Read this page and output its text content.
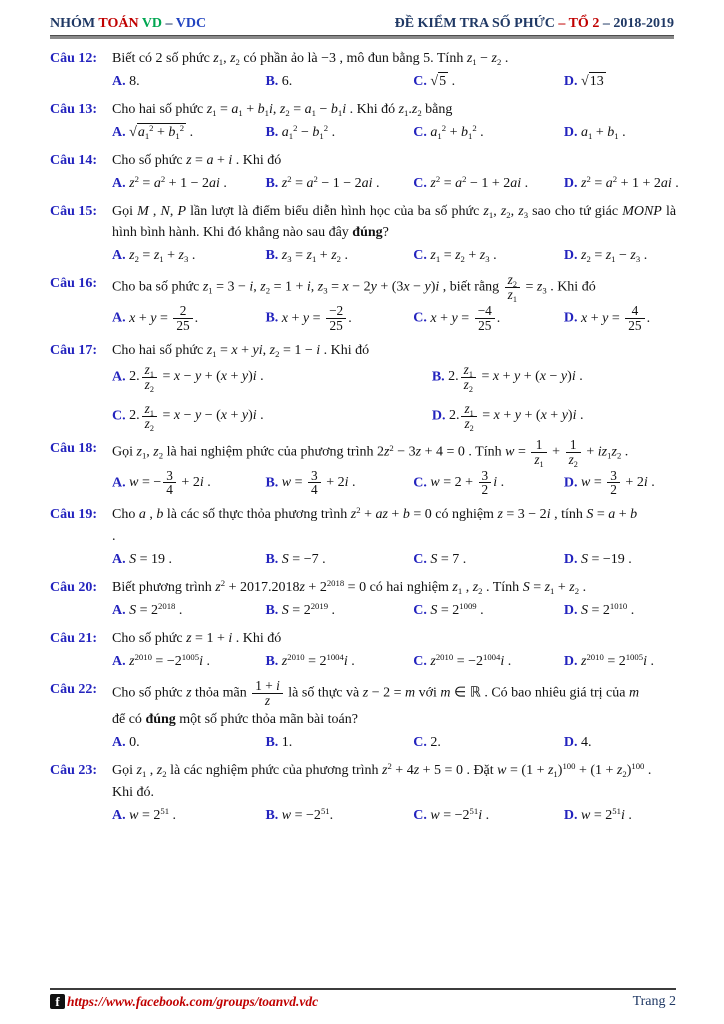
NHÓM TOÁN VD – VDC	ĐỀ KIỂM TRA SỐ PHỨC – TỔ 2 – 2018-2019
Câu 12:	Biết có 2 số phức $z_1$, $z_2$ có phần ảo là −3 , mô đun bằng 5. Tính $z_1 - z_2$ .
A. 8.	B. 6.	C. √5 .	D. √13
Câu 13:	Cho hai số phức $z_1 = a_1 + b_1i$, $z_2 = a_1 - b_1i$ . Khi đó $z_1.z_2$ bằng
A. $√a_1^2 + b_1^2$ .	B. $a_1^2 - b_1^2$ .	C. $a_1^2 + b_1^2$ .	D. $a_1 + b_1$ .
Câu 14:	Cho số phức z = a + i . Khi đó
A. $z^2 = a^2 + 1 - 2ai$ .	B. $z^2 = a^2 - 1 - 2ai$ .	C. $z^2 = a^2 - 1 + 2ai$ .	D. $z^2 = a^2 + 1 + 2ai$ .
Câu 15:	Gọi M , N, P lần lượt là điểm biểu diễn hình học của ba số phức $z_1$, $z_2$, $z_3$ sao cho tứ giác MONP là hình bình hành. Khi đó khẳng nào sau đây đúng?
A. $z_2 = z_1 + z_3$ .	B. $z_3 = z_1 + z_2$ .	C. $z_1 = z_2 + z_3$ .	D. $z_2 = z_1 - z_3$ .
Câu 16:	Cho ba số phức $z_1 = 3 - i$, $z_2 = 1 + i$, $z_3 = x - 2y + (3x - y)i$ , biết rằng $\frac{z_2}{z_1} = z_3$ . Khi đó
A. $x + y = \frac{2}{25}$ .	B. $x + y = \frac{-2}{25}$ .	C. $x + y = \frac{-4}{25}$ .	D. $x + y = \frac{4}{25}$ .
Câu 17:	Cho hai số phức $z_1 = x$ + yi, $z_2 = 1 - i$ . Khi đó
A. 2. $\frac{z_1}{z_2} = x - y + (x + y)i$ .	B. 2. $\frac{z_1}{z_2} = x + y + (x - y)i$ .
C. 2. $\frac{z_1}{z_2} = x - y - (x + y)i$ .	D. 2. $\frac{z_1}{z_2} = x + y + (x + y)i$ .
Câu 18:	Gọi $z_1$, $z_2$ là hai nghiệm phức của phương trình $2z^2 - 3z + 4 = 0$ . Tính $w = \frac{1}{z_1} + \frac{1}{z_2} + iz_1z_2$ .
A. w = − $\frac{3}{4} + 2i$ .	B. $w = \frac{3}{4} + 2i$ .	C. $w = 2 + \frac{3}{2}$ i .	D. $w = \frac{3}{2} + 2i$ .
Câu 19:	Cho a , b là các số thực thỏa phương trình $z^2$ + az + b = 0 có nghiệm z = 3 − 2i , tính S = a + b
.
A. S = 19 .	B. S = −7 .	C. S = 7 .	D. S = −19 .
Câu 20:	Biết phương trình $z^2 + 2017.2018z + 2^{2018} = 0$ có hai nghiệm $z_1$ , $z_2$ . Tính $S = z_1 + z_2$ .
A. $S = 2^{2018}$ .	B. $S = 2^{2019}$ .	C. $S = 2^{1009}$ .	D. $S = 2^{1010}$ .
Câu 21:	Cho số phức z = 1 + i . Khi đó
A. $z^{2010} = -2^{1005}i$ .	B. $z^{2010} = 2^{1004}i$ .	C. $z^{2010} = -2^{1004}i$ .	D. $z^{2010} = 2^{1005}i$ .
Câu 22:	Cho số phức z thỏa mãn $\frac{1 + i}{z}$ là số thực và z − 2 = m với m ∈ ℝ . Có bao nhiêu giá trị của m
để có đúng một số phức thỏa mãn bài toán?
A. 0.	B. 1.	C. 2.	D. 4.
Câu 23:	Gọi $z_1$ , $z_2$ là các nghiệm phức của phương trình $z^2 + 4z + 5 = 0$ . Đặt $w = (1 + z_1)^{100} + (1 + z_2)^{100}$ .
Khi đó.
A. $w = 2^{51}$ .	B. $w = -2^{51}$.	C. $w = -2^{51}i$ .	D. $w = 2^{51}i$ .
f https://www.facebook.com/groups/toanvd.vdc	Trang 2
